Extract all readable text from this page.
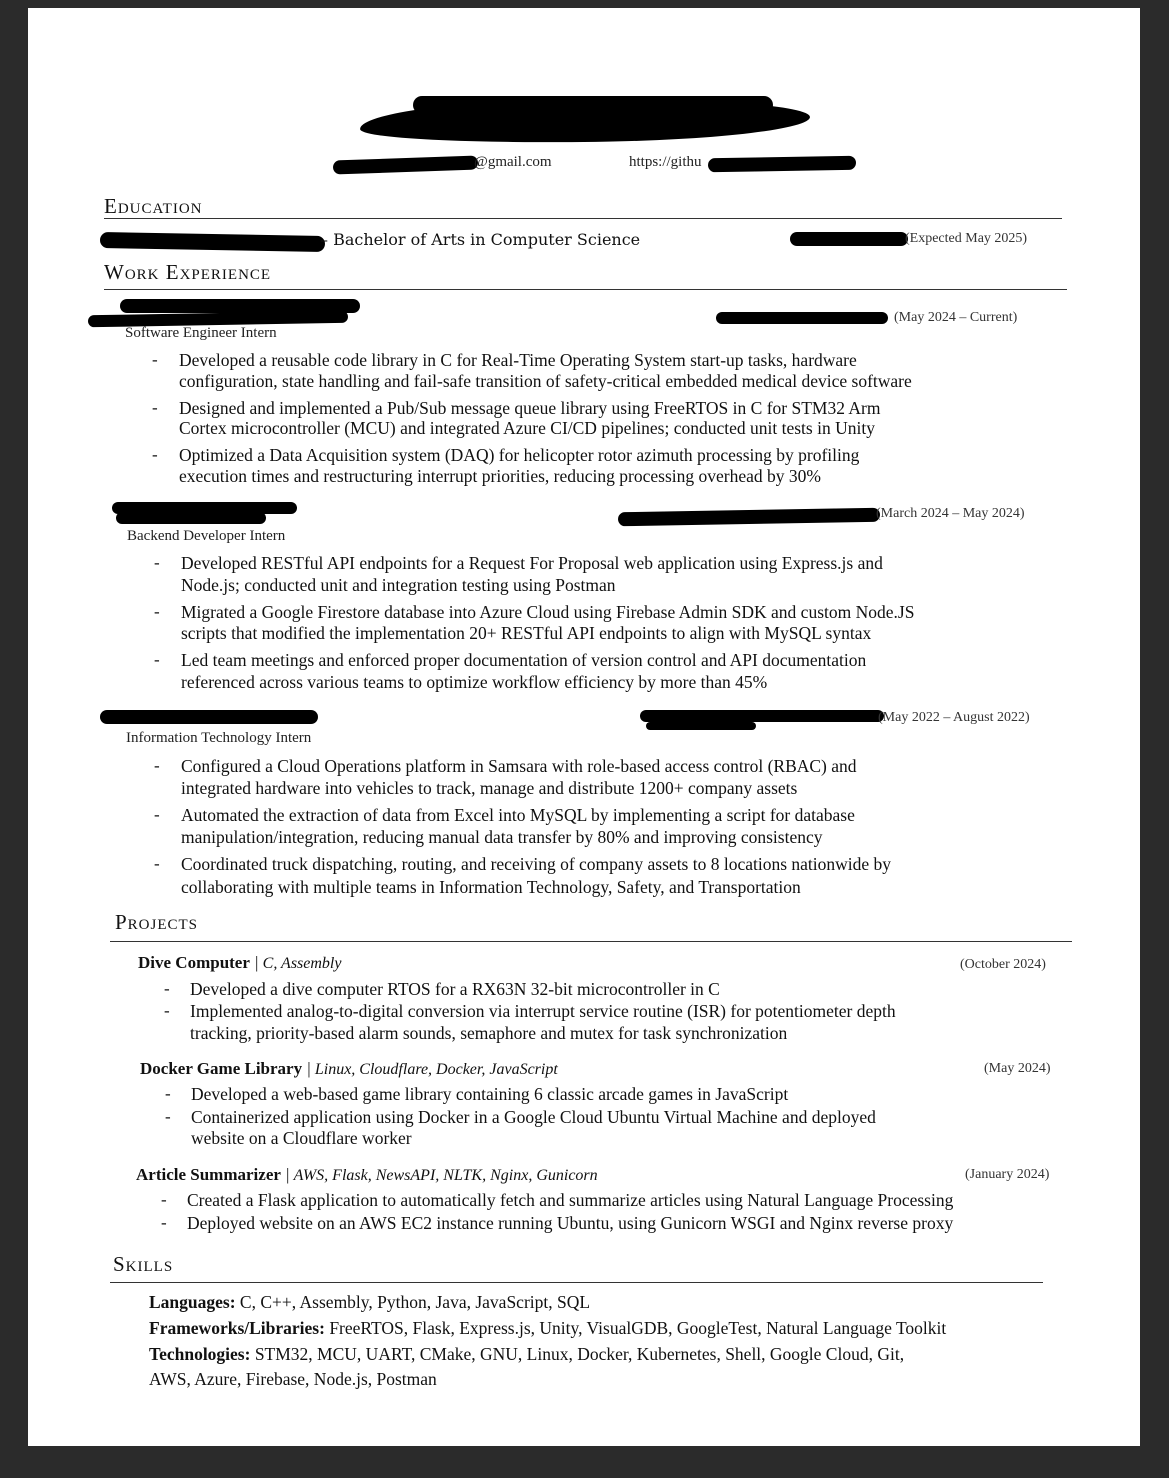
@gmail.com	https://githu
Education
– Bachelor of Arts in Computer Science	(Expected May 2025)
Work Experience
Software Engineer Intern
(May 2024 – Current)
- Developed a reusable code library in C for Real-Time Operating System start-up tasks, hardware
configuration, state handling and fail-safe transition of safety-critical embedded medical device software
- Designed and implemented a Pub/Sub message queue library using FreeRTOS in C for STM32 Arm
Cortex microcontroller (MCU) and integrated Azure CI/CD pipelines; conducted unit tests in Unity
- Optimized a Data Acquisition system (DAQ) for helicopter rotor azimuth processing by profiling
execution times and restructuring interrupt priorities, reducing processing overhead by 30%
Backend Developer Intern
(March 2024 – May 2024)
- Developed RESTful API endpoints for a Request For Proposal web application using Express.js and
Node.js; conducted unit and integration testing using Postman
- Migrated a Google Firestore database into Azure Cloud using Firebase Admin SDK and custom Node.JS
scripts that modified the implementation 20+ RESTful API endpoints to align with MySQL syntax
- Led team meetings and enforced proper documentation of version control and API documentation
referenced across various teams to optimize workflow efficiency by more than 45%
Information Technology Intern
(May 2022 – August 2022)
- Configured a Cloud Operations platform in Samsara with role-based access control (RBAC) and
integrated hardware into vehicles to track, manage and distribute 1200+ company assets
- Automated the extraction of data from Excel into MySQL by implementing a script for database
manipulation/integration, reducing manual data transfer by 80% and improving consistency
- Coordinated truck dispatching, routing, and receiving of company assets to 8 locations nationwide by
collaborating with multiple teams in Information Technology, Safety, and Transportation
Projects
Dive Computer | C, Assembly	(October 2024)
- Developed a dive computer RTOS for a RX63N 32-bit microcontroller in C
- Implemented analog-to-digital conversion via interrupt service routine (ISR) for potentiometer depth
tracking, priority-based alarm sounds, semaphore and mutex for task synchronization
Docker Game Library | Linux, Cloudflare, Docker, JavaScript	(May 2024)
- Developed a web-based game library containing 6 classic arcade games in JavaScript
- Containerized application using Docker in a Google Cloud Ubuntu Virtual Machine and deployed
website on a Cloudflare worker
Article Summarizer | AWS, Flask, NewsAPI, NLTK, Nginx, Gunicorn	(January 2024)
- Created a Flask application to automatically fetch and summarize articles using Natural Language Processing
- Deployed website on an AWS EC2 instance running Ubuntu, using Gunicorn WSGI and Nginx reverse proxy
Skills
Languages: C, C++, Assembly, Python, Java, JavaScript, SQL
Frameworks/Libraries: FreeRTOS, Flask, Express.js, Unity, VisualGDB, GoogleTest, Natural Language Toolkit
Technologies: STM32, MCU, UART, CMake, GNU, Linux, Docker, Kubernetes, Shell, Google Cloud, Git,
AWS, Azure, Firebase, Node.js, Postman
